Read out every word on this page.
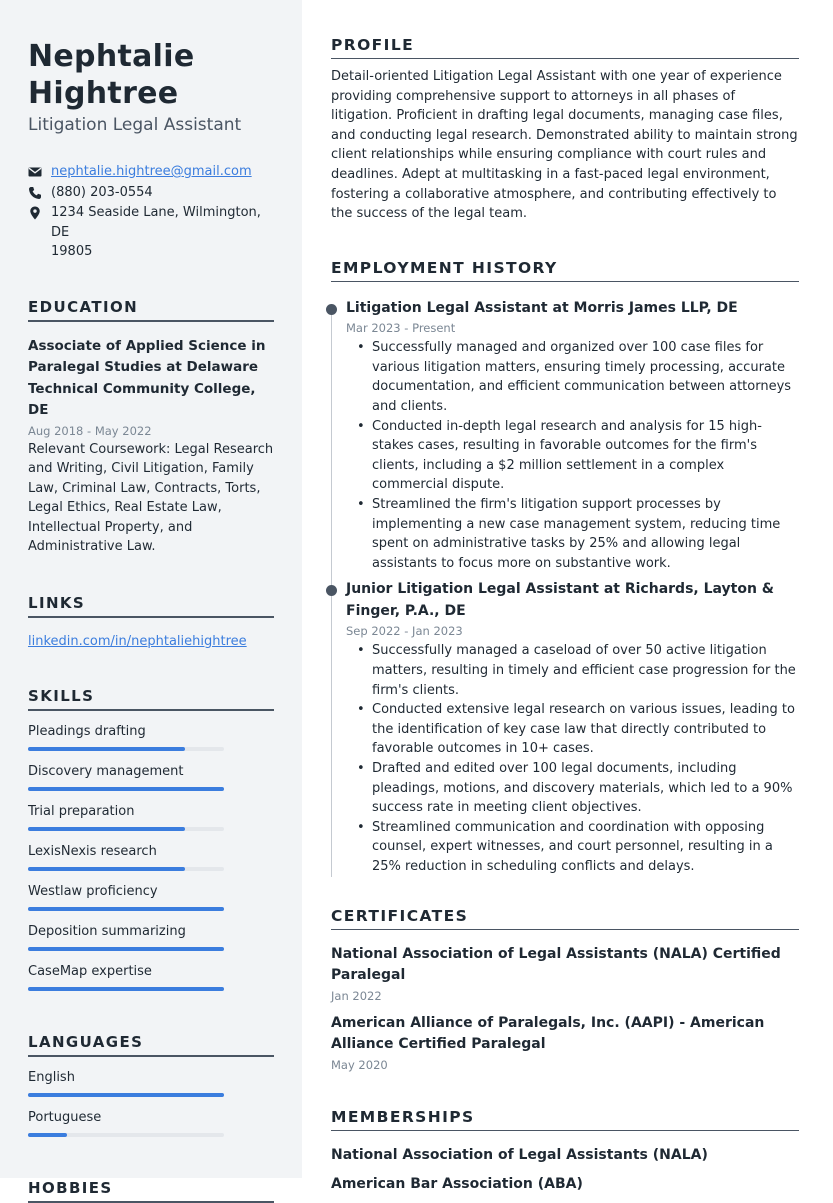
Nephtalie
Hightree
Litigation Legal Assistant
nephtalie.hightree@gmail.com
(880) 203-0554
1234 Seaside Lane, Wilmington, DE
19805
EDUCATION
Associate of Applied Science in Paralegal Studies at Delaware Technical Community College, DE
Aug 2018 - May 2022
Relevant Coursework: Legal Research and Writing, Civil Litigation, Family Law, Criminal Law, Contracts, Torts, Legal Ethics, Real Estate Law, Intellectual Property, and Administrative Law.
LINKS
linkedin.com/in/nephtaliehightree
SKILLS
Pleadings drafting
Discovery management
Trial preparation
LexisNexis research
Westlaw proficiency
Deposition summarizing
CaseMap expertise
LANGUAGES
English
Portuguese
HOBBIES
PROFILE

Detail-oriented Litigation Legal Assistant with one year of experience providing comprehensive support to attorneys in all phases of litigation. Proficient in drafting legal documents, managing case files, and conducting legal research. Demonstrated ability to maintain strong client relationships while ensuring compliance with court rules and deadlines. Adept at multitasking in a fast-paced legal environment, fostering a collaborative atmosphere, and contributing effectively to the success of the legal team.

EMPLOYMENT HISTORY
Litigation Legal Assistant at Morris James LLP, DE
Mar 2023 - Present
• Successfully managed and organized over 100 case files for various litigation matters, ensuring timely processing, accurate documentation, and efficient communication between attorneys and clients.
• Conducted in-depth legal research and analysis for 15 high-stakes cases, resulting in favorable outcomes for the firm's clients, including a $2 million settlement in a complex commercial dispute.
• Streamlined the firm's litigation support processes by implementing a new case management system, reducing time spent on administrative tasks by 25% and allowing legal assistants to focus more on substantive work.
Junior Litigation Legal Assistant at Richards, Layton & Finger, P.A., DE
Sep 2022 - Jan 2023
• Successfully managed a caseload of over 50 active litigation matters, resulting in timely and efficient case progression for the firm's clients.
• Conducted extensive legal research on various issues, leading to the identification of key case law that directly contributed to favorable outcomes in 10+ cases.
• Drafted and edited over 100 legal documents, including pleadings, motions, and discovery materials, which led to a 90% success rate in meeting client objectives.
• Streamlined communication and coordination with opposing counsel, expert witnesses, and court personnel, resulting in a 25% reduction in scheduling conflicts and delays.
CERTIFICATES
National Association of Legal Assistants (NALA) Certified Paralegal
Jan 2022
American Alliance of Paralegals, Inc. (AAPI) - American Alliance Certified Paralegal
May 2020
MEMBERSHIPS
National Association of Legal Assistants (NALA)
American Bar Association (ABA)
